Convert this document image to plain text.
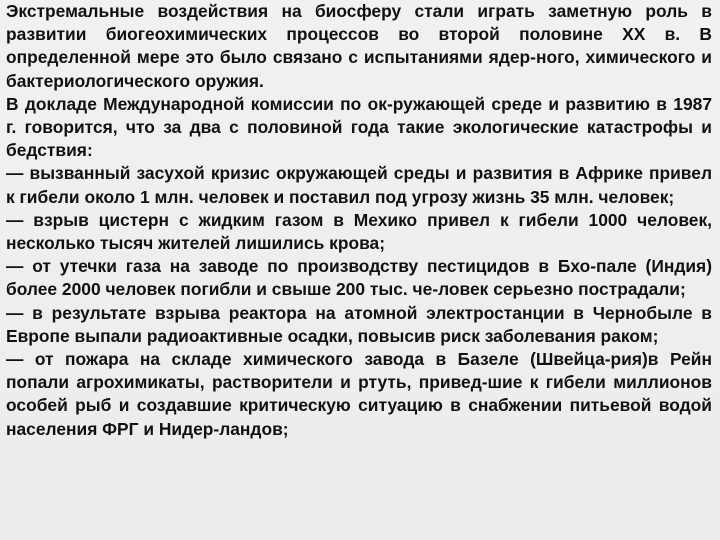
Экстремальные воздействия на биосферу стали играть заметную роль в развитии биогеохимических процессов во второй половине XX в. В определенной мере это было связано с испытаниями ядер-ного, химического и бактериологического оружия.

В докладе Международной комиссии по ок-ружающей среде и развитию в 1987 г. говорится, что за два с половиной года такие экологические катастрофы и бедствия:

— вызванный засухой кризис окружающей среды и развития в Африке привел к гибели около 1 млн. человек и поставил под угрозу жизнь 35 млн. человек;

— взрыв цистерн с жидким газом в Мехико привел к гибели 1000 человек, несколько тысяч жителей лишились крова;

— от утечки газа на заводе по производству пестицидов в Бхо-пале (Индия) более 2000 человек погибли и свыше 200 тыс. че-ловек серьезно пострадали;

— в результате взрыва реактора на атомной электростанции в Чернобыле в Европе выпали радиоактивные осадки, повысив риск заболевания раком;

— от пожара на складе химического завода в Базеле (Швейца-рия)в Рейн попали агрохимикаты, растворители и ртуть, привед-шие к гибели миллионов особей рыб и создавшие критическую ситуацию в снабжении питьевой водой населения ФРГ и Нидер-ландов;
